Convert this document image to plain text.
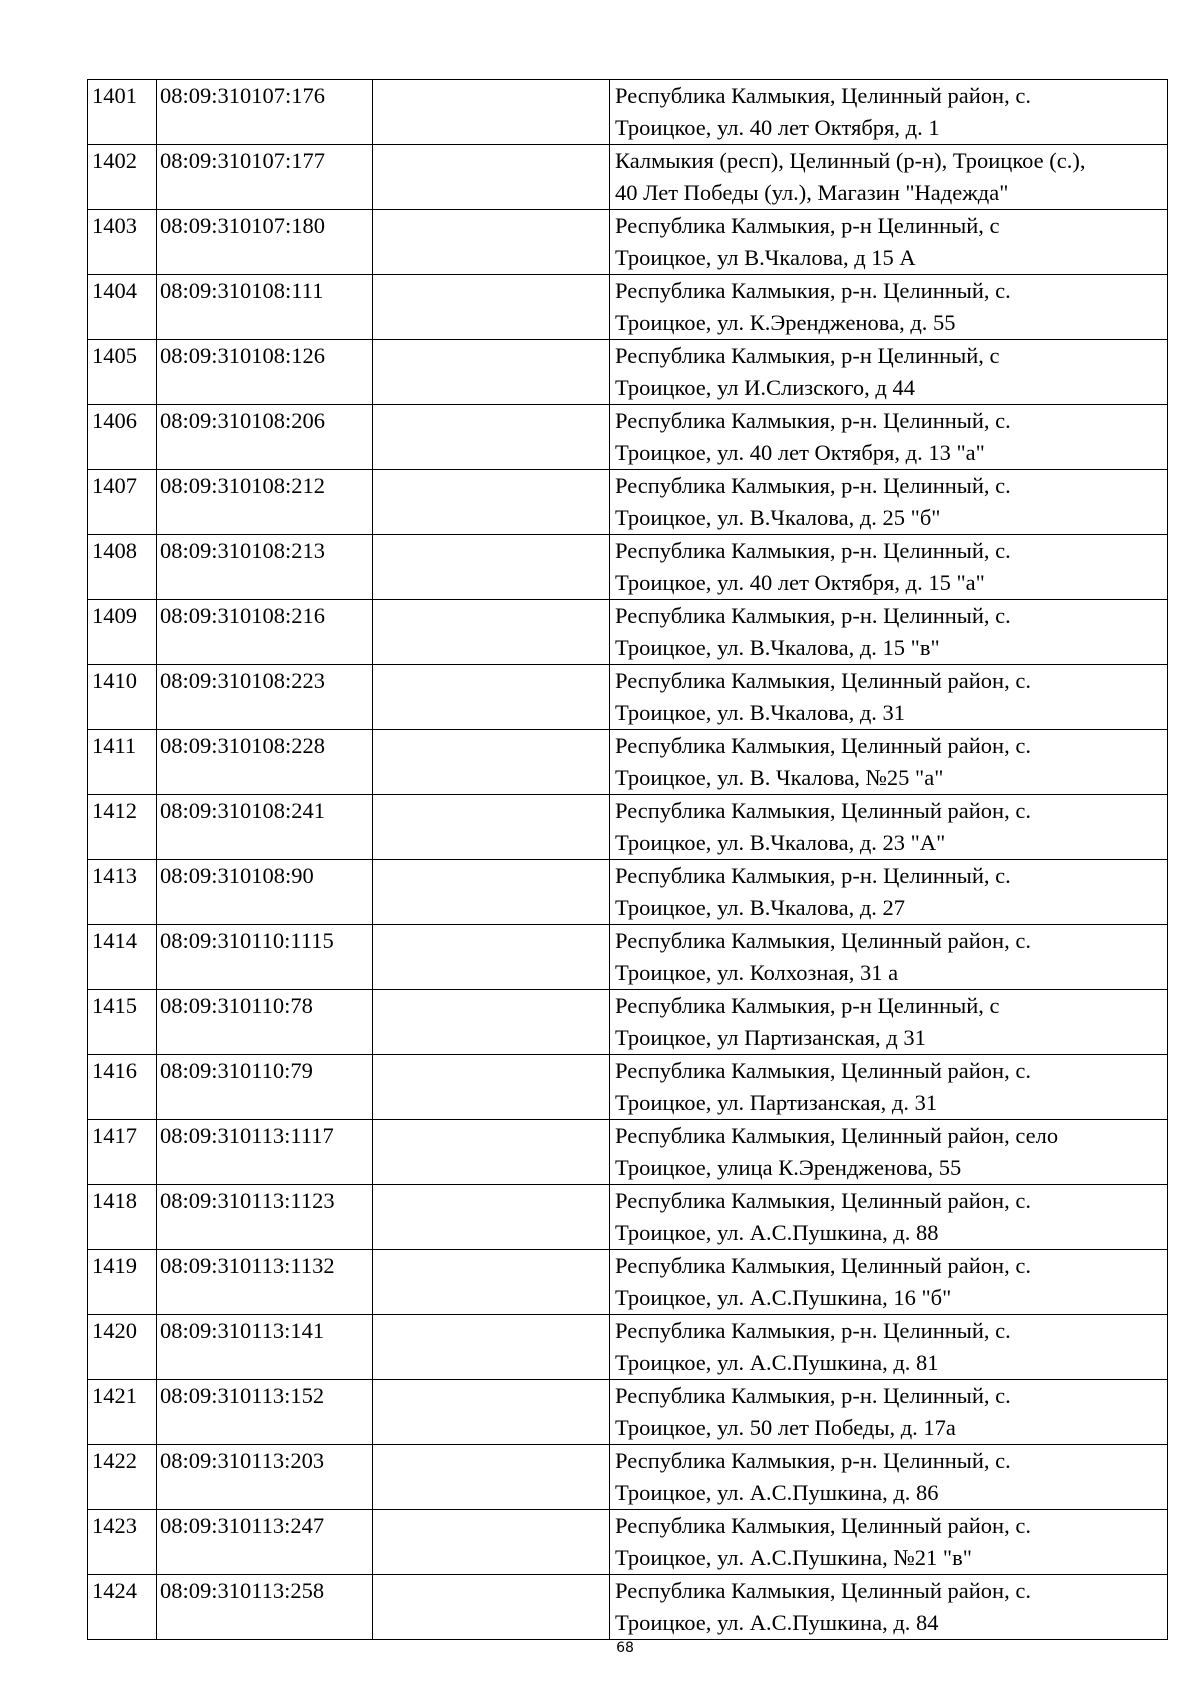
1401	08:09:310107:176		Республика Калмыкия, Целинный район, с.
Троицкое, ул. 40 лет Октября, д. 1

1402	08:09:310107:177		Калмыкия (респ), Целинный (р-н), Троицкое (с.),
40 Лет Победы (ул.), Магазин "Надежда"

1403	08:09:310107:180		Республика Калмыкия, р-н Целинный, с
Троицкое, ул В.Чкалова, д 15 А

1404	08:09:310108:111		Республика Калмыкия, р-н. Целинный, с.
Троицкое, ул. К.Эренджeнова, д. 55

1405	08:09:310108:126		Республика Калмыкия, р-н Целинный, с
Троицкое, ул И.Слизского, д 44

1406	08:09:310108:206		Республика Калмыкия, р-н. Целинный, с.
Троицкое, ул. 40 лет Октября, д. 13 "а"

1407	08:09:310108:212		Республика Калмыкия, р-н. Целинный, с.
Троицкое, ул. В.Чкалова, д. 25 "б"

1408	08:09:310108:213		Республика Калмыкия, р-н. Целинный, с.
Троицкое, ул. 40 лет Октября, д. 15 "а"

1409	08:09:310108:216		Республика Калмыкия, р-н. Целинный, с.
Троицкое, ул. В.Чкалова, д. 15 "в"

1410	08:09:310108:223		Республика Калмыкия, Целинный район, с.
Троицкое, ул. В.Чкалова, д. 31

1411	08:09:310108:228		Республика Калмыкия, Целинный район, с.
Троицкое, ул. В. Чкалова, №25 "а"

1412	08:09:310108:241		Республика Калмыкия, Целинный район, с.
Троицкое, ул. В.Чкалова, д. 23 "А"

1413	08:09:310108:90		Республика Калмыкия, р-н. Целинный, с.
Троицкое, ул. В.Чкалова, д. 27

1414	08:09:310110:1115		Республика Калмыкия, Целинный район, с.
Троицкое, ул. Колхозная, 31 а

1415	08:09:310110:78		Республика Калмыкия, р-н Целинный, с
Троицкое, ул Партизанская, д 31

1416	08:09:310110:79		Республика Калмыкия, Целинный район, с.
Троицкое, ул. Партизанская, д. 31

1417	08:09:310113:1117		Республика Калмыкия, Целинный район, село
Троицкое, улица К.Эренджeнова, 55

1418	08:09:310113:1123		Республика Калмыкия, Целинный район, с.
Троицкое, ул. А.С.Пушкина, д. 88

1419	08:09:310113:1132		Республика Калмыкия, Целинный район, с.
Троицкое, ул. А.С.Пушкина, 16 "б"

1420	08:09:310113:141		Республика Калмыкия, р-н. Целинный, с.
Троицкое, ул. А.С.Пушкина, д. 81

1421	08:09:310113:152		Республика Калмыкия, р-н. Целинный, с.
Троицкое, ул. 50 лет Победы, д. 17а

1422	08:09:310113:203		Республика Калмыкия, р-н. Целинный, с.
Троицкое, ул. А.С.Пушкина, д. 86

1423	08:09:310113:247		Республика Калмыкия, Целинный район, с.
Троицкое, ул. А.С.Пушкина, №21 "в"

1424	08:09:310113:258		Республика Калмыкия, Целинный район, с.
Троицкое, ул. А.С.Пушкина, д. 84
68
